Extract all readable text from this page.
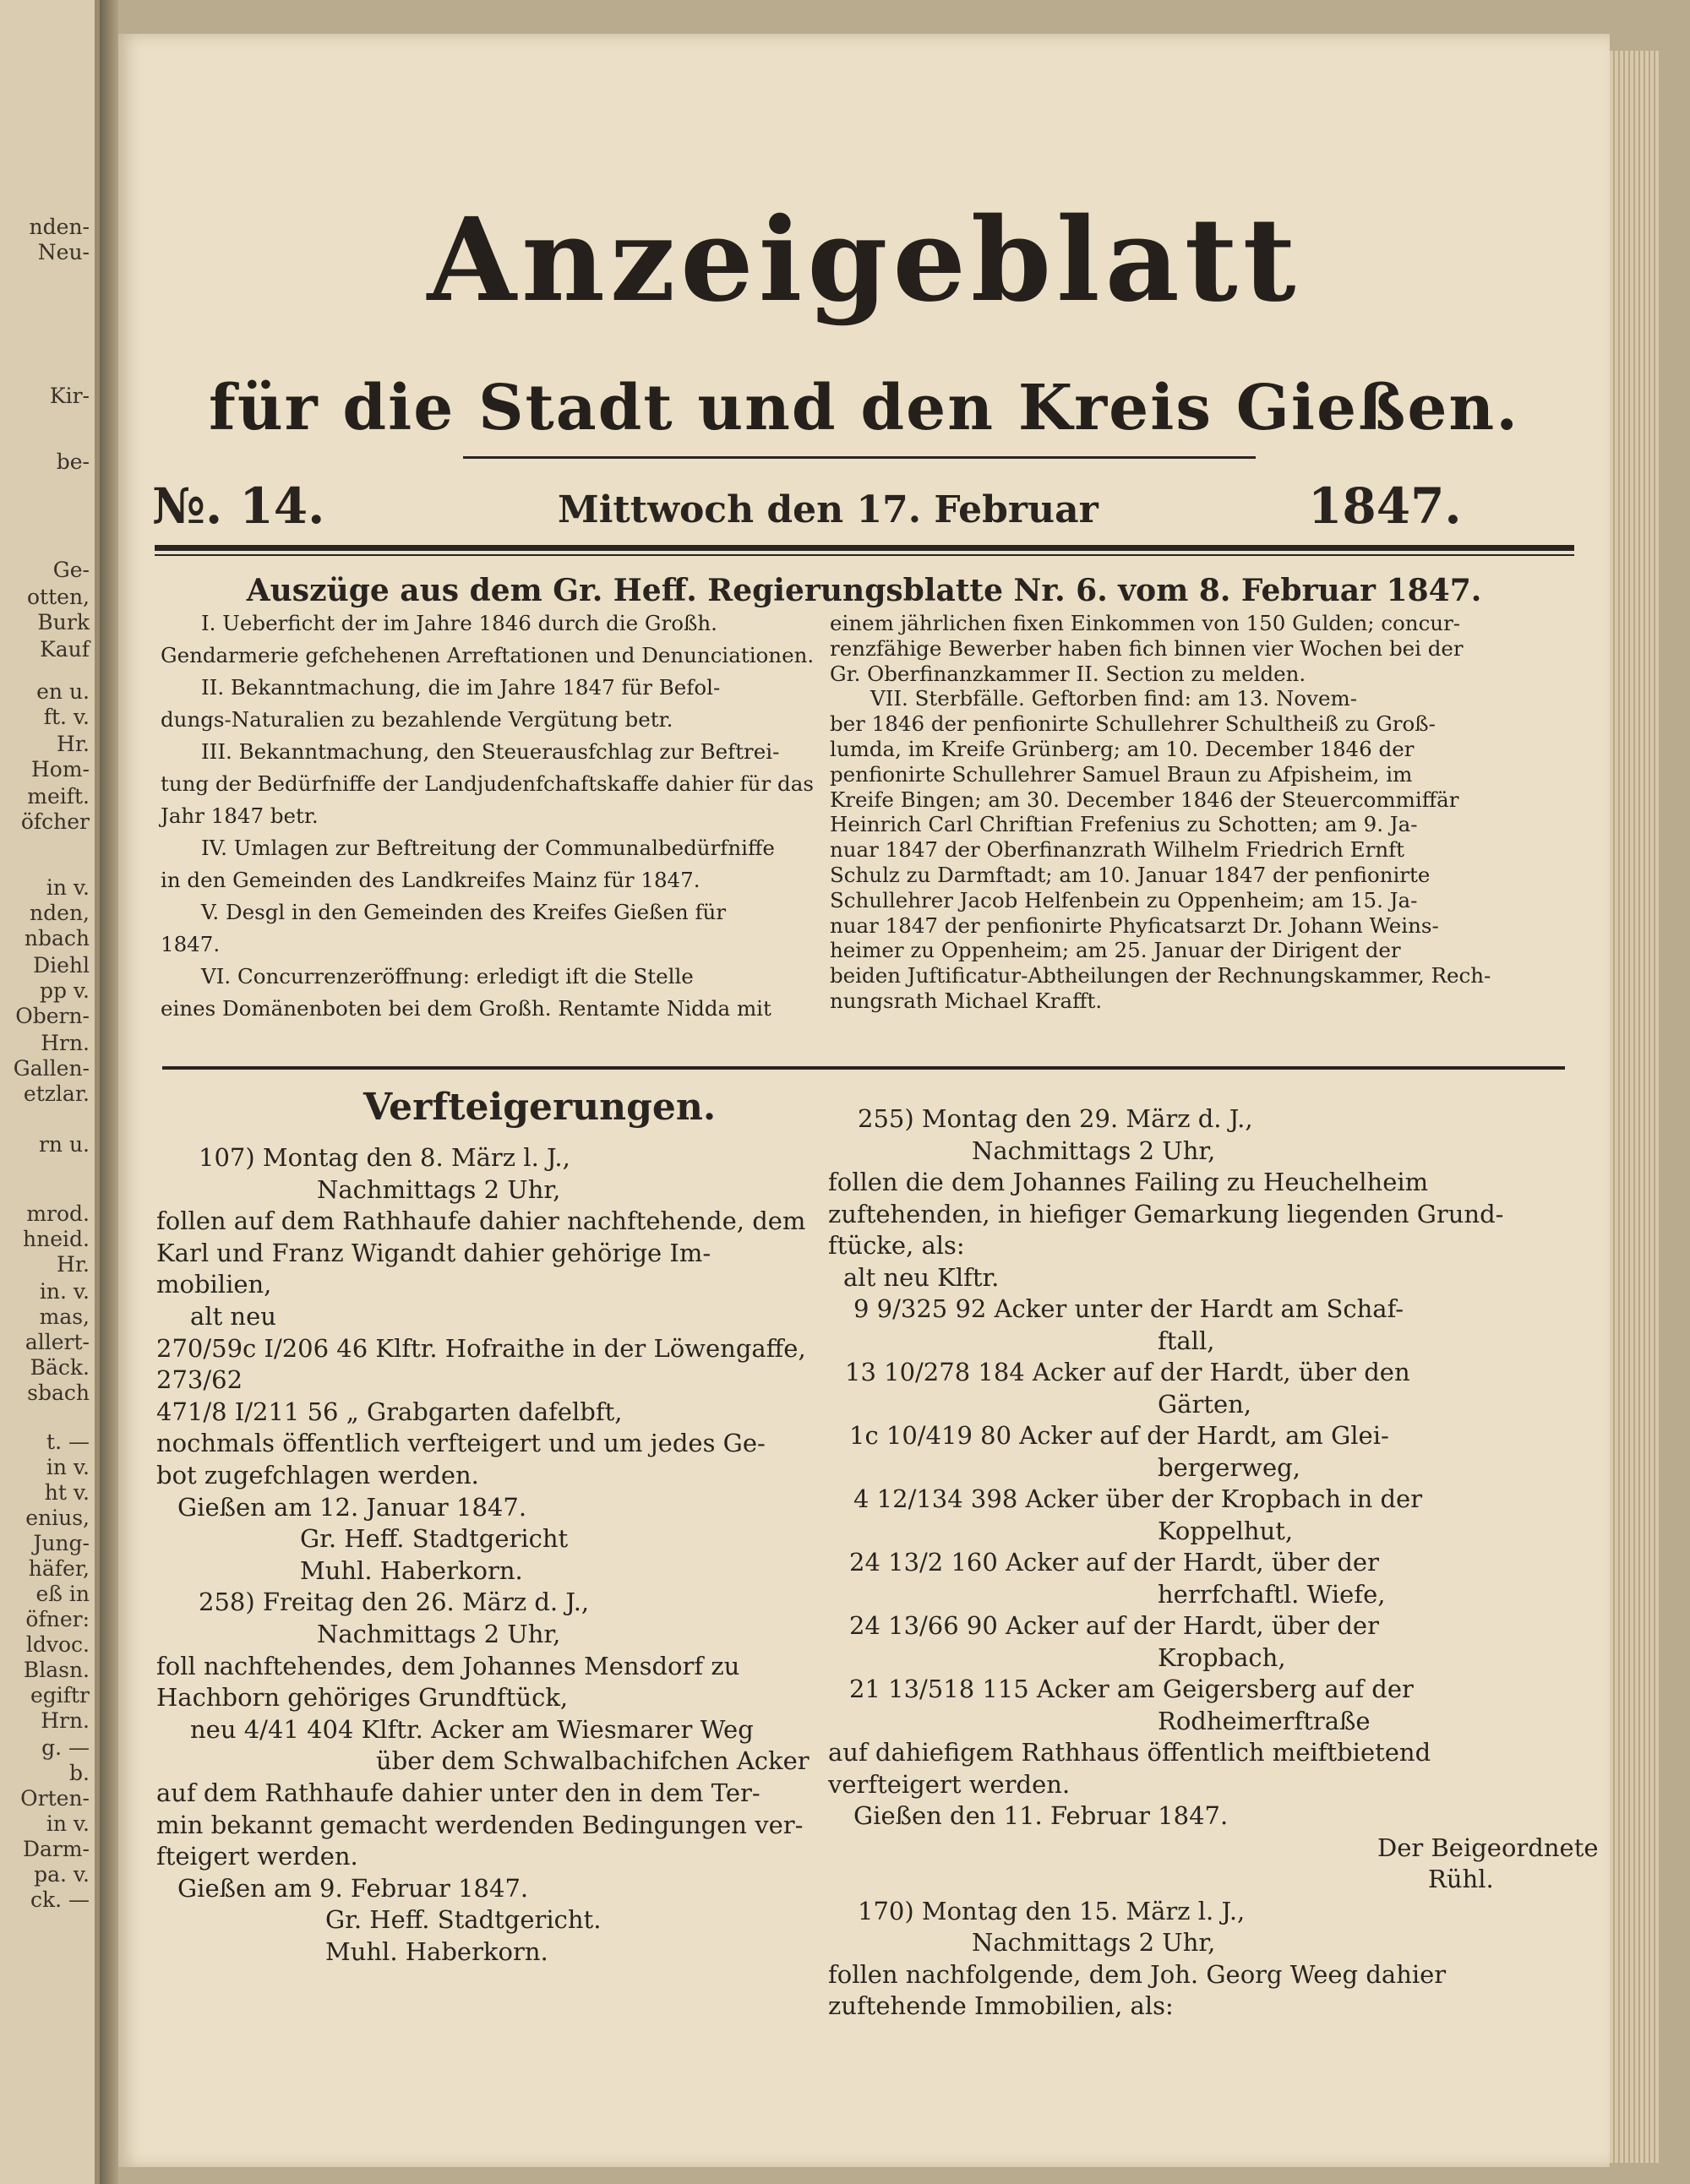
nden-
Neu-
Kir-
be-
Ge-
otten,
Burk
Kauf
en u.
ft. v.
Hr.
Hom-
meift.
öfcher
in v.
nden,
nbach
Diehl
pp v.
Obern-
Hrn.
Gallen-
etzlar.
rn u.
mrod.
hneid.
Hr.
in. v.
mas,
allert-
Bäck.
sbach
t. —
in v.
ht v.
enius,
Jung-
häfer,
eß in
öfner:
ldvoc.
Blasn.
egiftr
Hrn.
g. —
b.
Orten-
in v.
Darm-
pa. v.
ck. —
Anzeigeblatt
für die Stadt und den Kreis Gießen.
№. 14.	Mittwoch den 17. Februar	1847.
Auszüge aus dem Gr. Heff. Regierungsblatte Nr. 6. vom 8. Februar 1847.
I. Ueberficht der im Jahre 1846 durch die Großh.
Gendarmerie gefchehenen Arreftationen und Denunciationen.
II. Bekanntmachung, die im Jahre 1847 für Befol-
dungs-Naturalien zu bezahlende Vergütung betr.
III. Bekanntmachung, den Steuerausfchlag zur Beftrei-
tung der Bedürfniffe der Landjudenfchaftskaffe dahier für das
Jahr 1847 betr.
IV. Umlagen zur Beftreitung der Communalbedürfniffe
in den Gemeinden des Landkreifes Mainz für 1847.
V. Desgl in den Gemeinden des Kreifes Gießen für
1847.
VI. Concurrenzeröffnung: erledigt ift die Stelle
eines Domänenboten bei dem Großh. Rentamte Nidda mit
einem jährlichen fixen Einkommen von 150 Gulden; concur-
renzfähige Bewerber haben fich binnen vier Wochen bei der
Gr. Oberfinanzkammer II. Section zu melden.
VII. Sterbfälle. Geftorben find: am 13. Novem-
ber 1846 der penfionirte Schullehrer Schultheiß zu Groß-
lumda, im Kreife Grünberg; am 10. December 1846 der
penfionirte Schullehrer Samuel Braun zu Afpisheim, im
Kreife Bingen; am 30. December 1846 der Steuercommiffär
Heinrich Carl Chriftian Frefenius zu Schotten; am 9. Ja-
nuar 1847 der Oberfinanzrath Wilhelm Friedrich Ernft
Schulz zu Darmftadt; am 10. Januar 1847 der penfionirte
Schullehrer Jacob Helfenbein zu Oppenheim; am 15. Ja-
nuar 1847 der penfionirte Phyficatsarzt Dr. Johann Weins-
heimer zu Oppenheim; am 25. Januar der Dirigent der
beiden Juftificatur-Abtheilungen der Rechnungskammer, Rech-
nungsrath Michael Krafft.
Verfteigerungen.
107) Montag den 8. März l. J.,
Nachmittags 2 Uhr,
follen auf dem Rathhaufe dahier nachftehende, dem
Karl und Franz Wigandt dahier gehörige Im-
mobilien,
alt neu
270/59c I/206 46 Klftr. Hofraithe in der Löwengaffe,
273/62
471/8 I/211 56 „ Grabgarten dafelbft,
nochmals öffentlich verfteigert und um jedes Ge-
bot zugefchlagen werden.
Gießen am 12. Januar 1847.
Gr. Heff. Stadtgericht
Muhl. Haberkorn.
258) Freitag den 26. März d. J.,
Nachmittags 2 Uhr,
foll nachftehendes, dem Johannes Mensdorf zu
Hachborn gehöriges Grundftück,
neu 4/41 404 Klftr. Acker am Wiesmarer Weg
über dem Schwalbachifchen Acker
auf dem Rathhaufe dahier unter den in dem Ter-
min bekannt gemacht werdenden Bedingungen ver-
fteigert werden.
Gießen am 9. Februar 1847.
Gr. Heff. Stadtgericht.
Muhl. Haberkorn.
255) Montag den 29. März d. J.,
Nachmittags 2 Uhr,
follen die dem Johannes Failing zu Heuchelheim
zuftehenden, in hiefiger Gemarkung liegenden Grund-
ftücke, als:
alt neu Klftr.
9 9/325 92 Acker unter der Hardt am Schaf-
ftall,
13 10/278 184 Acker auf der Hardt, über den
Gärten,
1c 10/419 80 Acker auf der Hardt, am Glei-
bergerweg,
4 12/134 398 Acker über der Kropbach in der
Koppelhut,
24 13/2 160 Acker auf der Hardt, über der
herrfchaftl. Wiefe,
24 13/66 90 Acker auf der Hardt, über der
Kropbach,
21 13/518 115 Acker am Geigersberg auf der
Rodheimerftraße
auf dahiefigem Rathhaus öffentlich meiftbietend
verfteigert werden.
Gießen den 11. Februar 1847.
Der Beigeordnete
Rühl.
170) Montag den 15. März l. J.,
Nachmittags 2 Uhr,
follen nachfolgende, dem Joh. Georg Weeg dahier
zuftehende Immobilien, als:
